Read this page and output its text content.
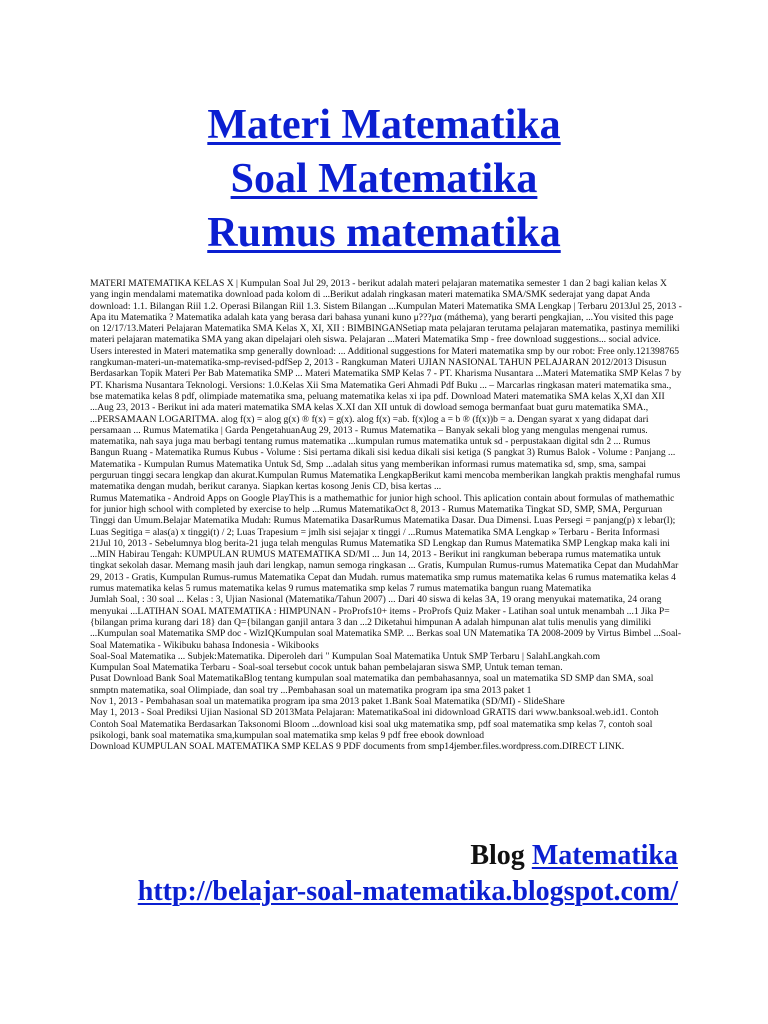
Materi Matematika
Soal Matematika
Rumus matematika

MATERI MATEMATIKA KELAS X | Kumpulan Soal Jul 29, 2013 - berikut adalah materi pelajaran matematika semester 1 dan 2 bagi kalian kelas X yang ingin mendalami matematika download pada kolom di ...Berikut adalah ringkasan materi matematika SMA/SMK sederajat yang dapat Anda download: 1.1. Bilangan Riil 1.2. Operasi Bilangan Riil 1.3. Sistem Bilangan ...Kumpulan Materi Matematika SMA Lengkap | Terbaru 2013Jul 25, 2013 - Apa itu Matematika ? Matematika adalah kata yang berasa dari bahasa yunani kuno μ???μα (máthema), yang berarti pengkajian, ...You visited this page on 12/17/13.Materi Pelajaran Matematika SMA Kelas X, XI, XII : BIMBINGANSetiap mata pelajaran terutama pelajaran matematika, pastinya memiliki materi pelajaran matematika SMA yang akan dipelajari oleh siswa. Pelajaran ...Materi Matematika Smp - free download suggestions... social advice. Users interested in Materi matematika smp generally download: ... Additional suggestions for Materi matematika smp by our robot: Free only.121398765 rangkuman-materi-un-matematika-smp-revised-pdfSep 2, 2013 - Rangkuman Materi UJIAN NASIONAL TAHUN PELAJARAN 2012/2013 Disusun Berdasarkan Topik Materi Per Bab Matematika SMP ... Materi Matematika SMP Kelas 7 - PT. Kharisma Nusantara ...Materi Matematika SMP Kelas 7 by PT. Kharisma Nusantara Teknologi. Versions: 1.0.Kelas Xii Sma Matematika Geri Ahmadi Pdf Buku ... – Marcarlas ringkasan materi matematika sma., bse matematika kelas 8 pdf, olimpiade matematika sma, peluang matematika kelas xi ipa pdf. Download Materi matematika SMA kelas X,XI dan XII ...Aug 23, 2013 - Berikut ini ada materi matematika SMA kelas X.XI dan XII untuk di dowload semoga bermanfaat buat guru matematika SMA., ...PERSAMAAN LOGARITMA. alog f(x) = alog g(x) ® f(x) = g(x). alog f(x) =ab. f(x)log a = b ® (f(x))b = a. Dengan syarat x yang didapat dari persamaan ... Rumus Matematika | Garda PengetahuanAug 29, 2013 - Rumus Matematika – Banyak sekali blog yang mengulas mengenai rumus. matematika, nah saya juga mau berbagi tentang rumus matematika ...kumpulan rumus matematika untuk sd - perpustakaan digital sdn 2 ... Rumus Bangun Ruang - Matematika Rumus Kubus - Volume : Sisi pertama dikali sisi kedua dikali sisi ketiga (S pangkat 3) Rumus Balok - Volume : Panjang ... Matematika - Kumpulan Rumus Matematika Untuk Sd, Smp ...adalah situs yang memberikan informasi rumus matematika sd, smp, sma, sampai perguruan tinggi secara lengkap dan akurat.Kumpulan Rumus Matematika LengkapBerikut kami mencoba memberikan langkah praktis menghafal rumus matematika dengan mudah, berikut caranya. Siapkan kertas kosong Jenis CD, bisa kertas ...

Rumus Matematika - Android Apps on Google PlayThis is a mathemathic for junior high school. This aplication contain about formulas of mathemathic for junior high school with completed by exercise to help ...Rumus MatematikaOct 8, 2013 - Rumus Matematika Tingkat SD, SMP, SMA, Perguruan Tinggi dan Umum.Belajar Matematika Mudah: Rumus Matematika DasarRumus Matematika Dasar. Dua Dimensi. Luas Persegi = panjang(p) x lebar(l); Luas Segitiga = alas(a) x tinggi(t) / 2; Luas Trapesium = jmlh sisi sejajar x tinggi / ...Rumus Matematika SMA Lengkap » Terbaru - Berita Informasi 21Jul 10, 2013 - Sebelumnya blog berita-21 juga telah mengulas Rumus Matematika SD Lengkap dan Rumus Matematika SMP Lengkap maka kali ini ...MIN Habirau Tengah: KUMPULAN RUMUS MATEMATIKA SD/MI ... Jun 14, 2013 - Berikut ini rangkuman beberapa rumus matematika untuk tingkat sekolah dasar. Memang masih jauh dari lengkap, namun semoga ringkasan ... Gratis, Kumpulan Rumus-rumus Matematika Cepat dan MudahMar 29, 2013 - Gratis, Kumpulan Rumus-rumus Matematika Cepat dan Mudah. rumus matematika smp rumus matematika kelas 6 rumus matematika kelas 4 rumus matematika kelas 5 rumus matematika kelas 9 rumus matematika smp kelas 7 rumus matematika bangun ruang Matematika

Jumlah Soal, : 30 soal ... Kelas : 3, Ujian Nasional (Matematika/Tahun 2007) ... Dari 40 siswa di kelas 3A, 19 orang menyukai matematika, 24 orang menyukai ...LATIHAN SOAL MATEMATIKA : HIMPUNAN - ProProfs10+ items - ProProfs Quiz Maker - Latihan soal untuk menambah ...1 Jika P={bilangan prima kurang dari 18} dan Q={bilangan ganjil antara 3 dan ...2 Diketahui himpunan A adalah himpunan alat tulis menulis yang dimiliki ...Kumpulan soal Matematika SMP doc - WizIQKumpulan soal Matematika SMP. ... Berkas soal UN Matematika TA 2008-2009 by Virtus Bimbel ...Soal-Soal Matematika - Wikibuku bahasa Indonesia - Wikibooks

Soal-Soal Matematika ... Subjek:Matematika. Diperoleh dari " Kumpulan Soal Matematika Untuk SMP Terbaru | SalahLangkah.com

Kumpulan Soal Matematika Terbaru - Soal-soal tersebut cocok untuk bahan pembelajaran siswa SMP, Untuk teman teman.

Pusat Download Bank Soal MatematikaBlog tentang kumpulan soal matematika dan pembahasannya, soal un matematika SD SMP dan SMA, soal snmptn matematika, soal Olimpiade, dan soal try ...Pembahasan soal un matematika program ipa sma 2013 paket 1

Nov 1, 2013 - Pembahasan soal un matematika program ipa sma 2013 paket 1.Bank Soal Matematika (SD/MI) - SlideShare

May 1, 2013 - Soal Prediksi Ujian Nasional SD 2013Mata Pelajaran: MatematikaSoal ini didownload GRATIS dari www.banksoal.web.id1. Contoh Contoh Soal Matematika Berdasarkan Taksonomi Bloom ...download kisi soal ukg matematika smp, pdf soal matematika smp kelas 7, contoh soal psikologi, bank soal matematika sma,kumpulan soal matematika smp kelas 9 pdf free ebook download

Download KUMPULAN SOAL MATEMATIKA SMP KELAS 9 PDF documents from smp14jember.files.wordpress.com.DIRECT LINK.

Blog Matematika
http://belajar-soal-matematika.blogspot.com/
